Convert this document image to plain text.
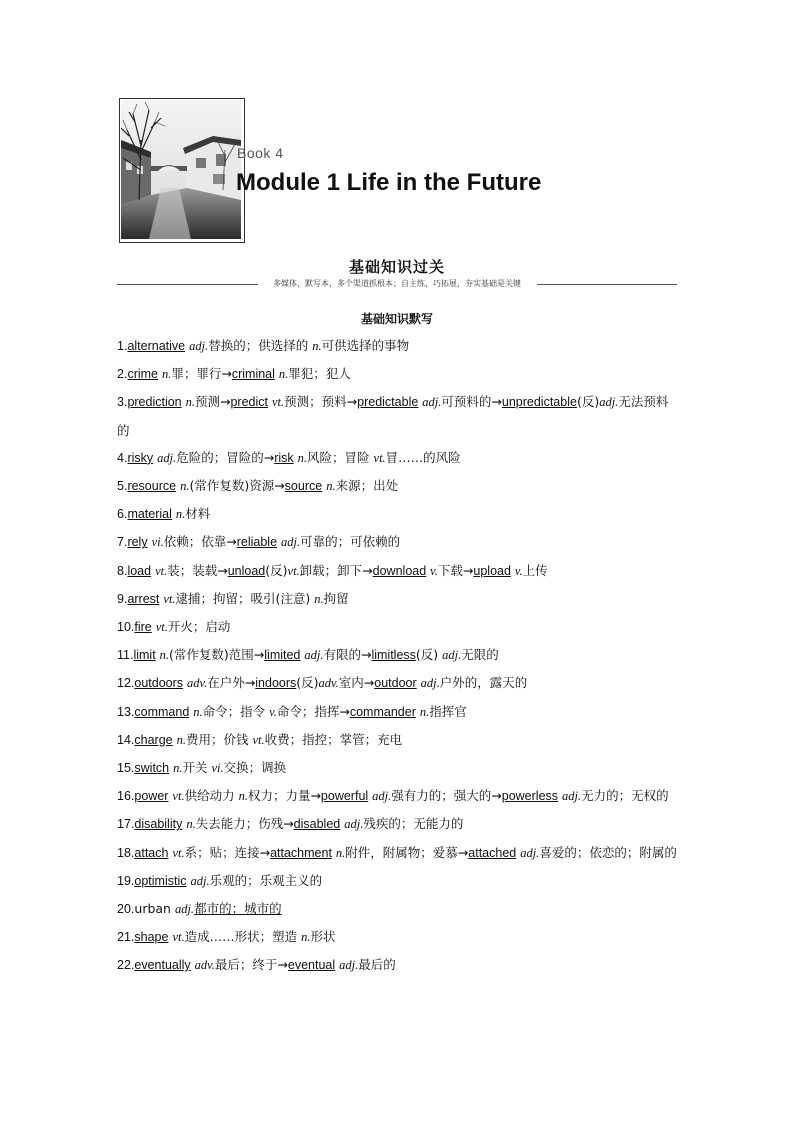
Book 4
Module 1 Life in the Future
基础知识过关
多媒体，默写本，多个渠道抓根本；自主练，巧拓展，夯实基础是关键
基础知识默写
1.alternative adj.替换的；供选择的 n.可供选择的事物
2.crime n.罪；罪行→criminal n.罪犯；犯人
3.prediction n.预测→predict vt.预测；预料→predictable adj.可预料的→unpredictable(反)adj.无法预料的
4.risky adj.危险的；冒险的→risk n.风险；冒险 vt.冒……的风险
5.resource n.(常作复数)资源→source n.来源；出处
6.material n.材料
7.rely vi.依赖；依靠→reliable adj.可靠的；可依赖的
8.load vt.装；装载→unload(反)vt.卸载；卸下→download v.下载→upload v.上传
9.arrest vt.逮捕；拘留；吸引(注意) n.拘留
10.fire vt.开火；启动
11.limit n.(常作复数)范围→limited adj.有限的→limitless(反) adj.无限的
12.outdoors adv.在户外→indoors(反)adv.室内→outdoor adj.户外的，露天的
13.command n.命令；指令 v.命令；指挥→commander n.指挥官
14.charge n.费用；价钱 vt.收费；指控；掌管；充电
15.switch n.开关 vi.交换；调换
16.power vt.供给动力 n.权力；力量→powerful adj.强有力的；强大的→powerless adj.无力的；无权的
17.disability n.失去能力；伤残→disabled adj.残疾的；无能力的
18.attach vt.系；贴；连接→attachment n.附件，附属物；爱慕→attached adj.喜爱的；依恋的；附属的
19.optimistic adj.乐观的；乐观主义的
20.urban adj.都市的；城市的
21.shape vt.造成……形状；塑造 n.形状
22.eventually adv.最后；终于→eventual adj.最后的
